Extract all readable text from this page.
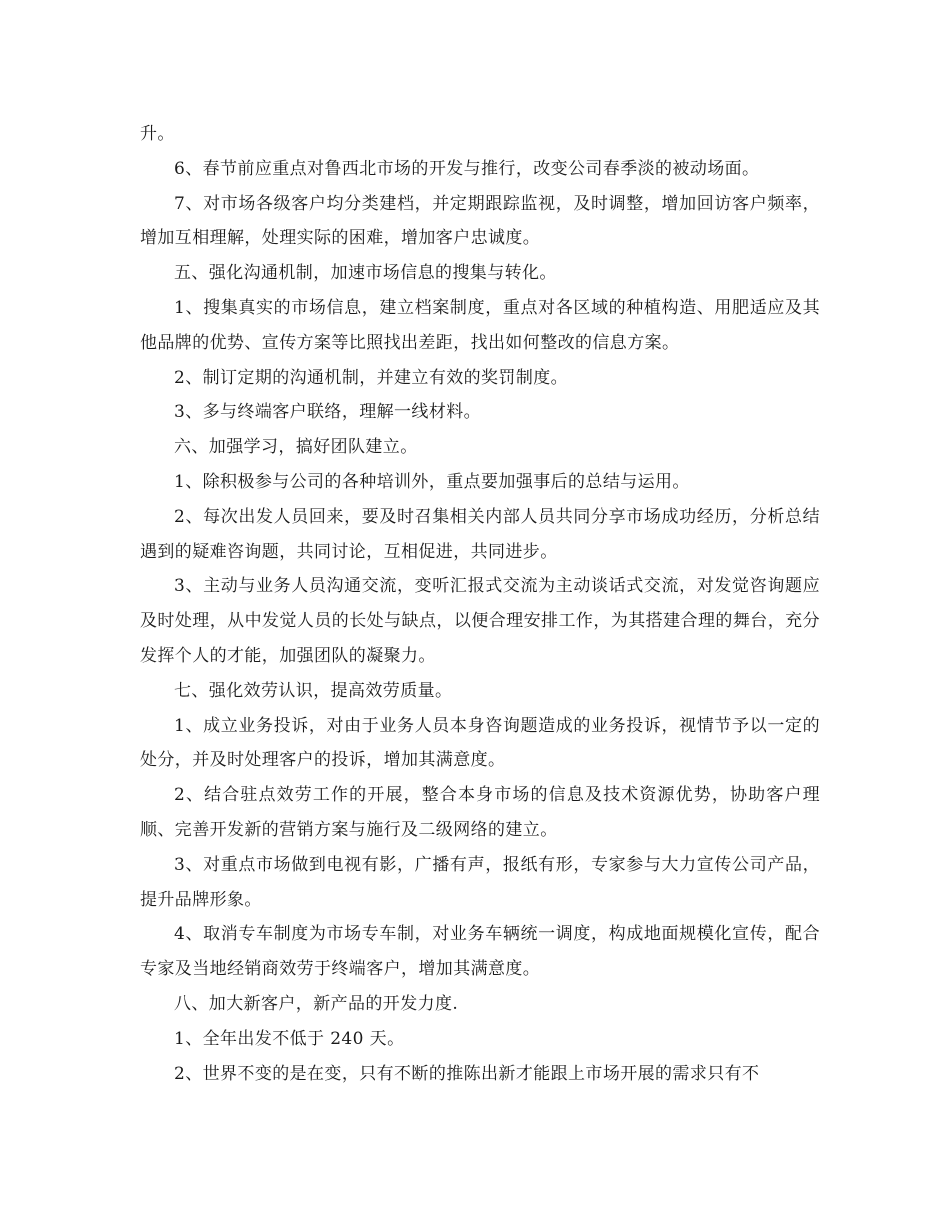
升。

6、春节前应重点对鲁西北市场的开发与推行，改变公司春季淡的被动场面。

7、对市场各级客户均分类建档，并定期跟踪监视，及时调整，增加回访客户频率，增加互相理解，处理实际的困难，增加客户忠诚度。

五、强化沟通机制，加速市场信息的搜集与转化。

1、搜集真实的市场信息，建立档案制度，重点对各区域的种植构造、用肥适应及其他品牌的优势、宣传方案等比照找出差距，找出如何整改的信息方案。

2、制订定期的沟通机制，并建立有效的奖罚制度。

3、多与终端客户联络，理解一线材料。

六、加强学习，搞好团队建立。

1、除积极参与公司的各种培训外，重点要加强事后的总结与运用。

2、每次出发人员回来，要及时召集相关内部人员共同分享市场成功经历，分析总结遇到的疑难咨询题，共同讨论，互相促进，共同进步。

3、主动与业务人员沟通交流，变听汇报式交流为主动谈话式交流，对发觉咨询题应及时处理，从中发觉人员的长处与缺点，以便合理安排工作，为其搭建合理的舞台，充分发挥个人的才能，加强团队的凝聚力。

七、强化效劳认识，提高效劳质量。

1、成立业务投诉，对由于业务人员本身咨询题造成的业务投诉，视情节予以一定的处分，并及时处理客户的投诉，增加其满意度。

2、结合驻点效劳工作的开展，整合本身市场的信息及技术资源优势，协助客户理顺、完善开发新的营销方案与施行及二级网络的建立。

3、对重点市场做到电视有影，广播有声，报纸有形，专家参与大力宣传公司产品，提升品牌形象。

4、取消专车制度为市场专车制，对业务车辆统一调度，构成地面规模化宣传，配合专家及当地经销商效劳于终端客户，增加其满意度。

八、加大新客户，新产品的开发力度.

1、全年出发不低于 240 天。

2、世界不变的是在变，只有不断的推陈出新才能跟上市场开展的需求只有不
